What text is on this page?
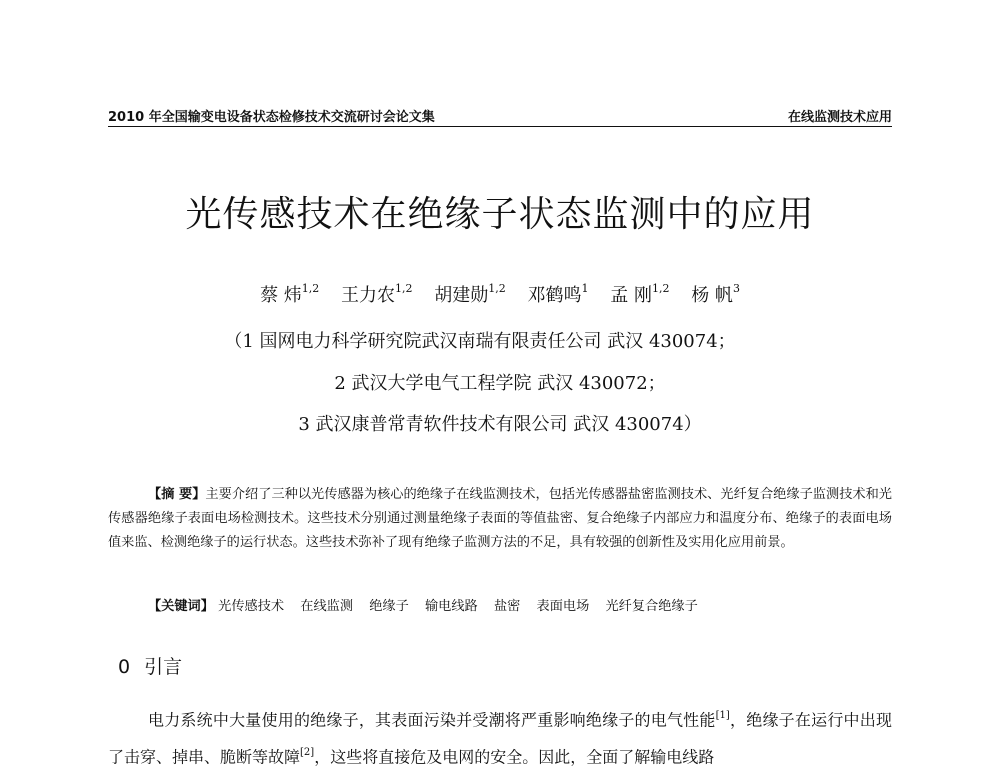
2010 年全国输变电设备状态检修技术交流研讨会论文集	在线监测技术应用
光传感技术在绝缘子状态监测中的应用
蔡 炜$^{1,2}$ 王力农$^{1,2}$ 胡建勋$^{1,2}$ 邓鹤鸣$^1$ 孟 刚$^{1,2}$ 杨 帆$^3$
（1 国网电力科学研究院武汉南瑞有限责任公司 武汉 430074；
2 武汉大学电气工程学院 武汉 430072；
3 武汉康普常青软件技术有限公司 武汉 430074）
【摘 要】主要介绍了三种以光传感器为核心的绝缘子在线监测技术，包括光传感器盐密监测技术、光纤复合绝缘子监测技术和光传感器绝缘子表面电场检测技术。这些技术分别通过测量绝缘子表面的等值盐密、复合绝缘子内部应力和温度分布、绝缘子的表面电场值来监、检测绝缘子的运行状态。这些技术弥补了现有绝缘子监测方法的不足，具有较强的创新性及实用化应用前景。
【关键词】 光传感技术 在线监测 绝缘子 输电线路 盐密 表面电场 光纤复合绝缘子
0 引言
电力系统中大量使用的绝缘子，其表面污染并受潮将严重影响绝缘子的电气性能[1]，绝缘子在运行中出现了击穿、掉串、脆断等故障[2]，这些将直接危及电网的安全。因此，全面了解输电线路
